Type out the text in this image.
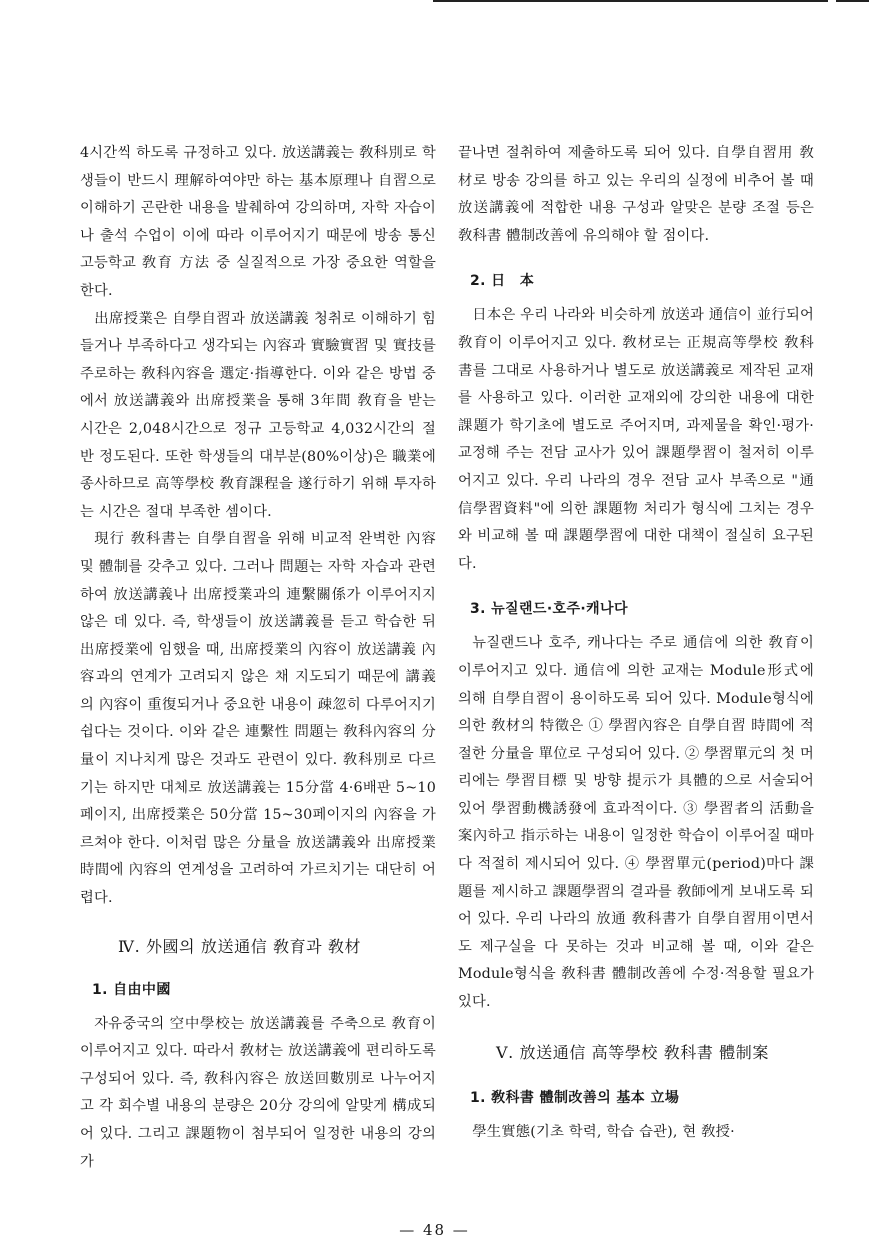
4시간씩 하도록 규정하고 있다. 放送講義는 敎科別로 학생들이 반드시 理解하여야만 하는 基本原理나 自習으로 이해하기 곤란한 내용을 발췌하여 강의하며, 자학 자습이나 출석 수업이 이에 따라 이루어지기 때문에 방송 통신 고등학교 敎育 方法 중 실질적으로 가장 중요한 역할을 한다.

出席授業은 自學自習과 放送講義 청취로 이해하기 힘들거나 부족하다고 생각되는 內容과 實驗實習 및 實技를 주로하는 敎科內容을 選定·指導한다. 이와 같은 방법 중에서 放送講義와 出席授業을 통해 3年間 敎育을 받는 시간은 2,048시간으로 정규 고등학교 4,032시간의 절반 정도된다. 또한 학생들의 대부분(80%이상)은 職業에 종사하므로 高等學校 敎育課程을 遂行하기 위해 투자하는 시간은 절대 부족한 셈이다.

現行 敎科書는 自學自習을 위해 비교적 완벽한 內容 및 體制를 갖추고 있다. 그러나 問題는 자학 자습과 관련하여 放送講義나 出席授業과의 連繫關係가 이루어지지 않은 데 있다. 즉, 학생들이 放送講義를 듣고 학습한 뒤 出席授業에 임했을 때, 出席授業의 內容이 放送講義 內容과의 연계가 고려되지 않은 채 지도되기 때문에 講義의 內容이 重復되거나 중요한 내용이 疎忽히 다루어지기 쉽다는 것이다. 이와 같은 連繫性 問題는 敎科內容의 分量이 지나치게 많은 것과도 관련이 있다. 敎科別로 다르기는 하지만 대체로 放送講義는 15分當 4·6배판 5~10페이지, 出席授業은 50分當 15~30페이지의 內容을 가르쳐야 한다. 이처럼 많은 分量을 放送講義와 出席授業時間에 內容의 연계성을 고려하여 가르치기는 대단히 어렵다.

Ⅳ. 外國의 放送通信 敎育과 敎材
1. 自由中國

자유중국의 空中學校는 放送講義를 주축으로 敎育이 이루어지고 있다. 따라서 敎材는 放送講義에 편리하도록 구성되어 있다. 즉, 敎科內容은 放送回數別로 나누어지고 각 회수별 내용의 분량은 20分 강의에 알맞게 構成되어 있다. 그리고 課題物이 첨부되어 일정한 내용의 강의가

끝나면 절취하여 제출하도록 되어 있다. 自學自習用 敎材로 방송 강의를 하고 있는 우리의 실정에 비추어 볼 때 放送講義에 적합한 내용 구성과 알맞은 분량 조절 등은 敎科書 體制改善에 유의해야 할 점이다.

2. 日　本

日本은 우리 나라와 비슷하게 放送과 通信이 並行되어 敎育이 이루어지고 있다. 敎材로는 正規高等學校 敎科書를 그대로 사용하거나 별도로 放送講義로 제작된 교재를 사용하고 있다. 이러한 교재외에 강의한 내용에 대한 課題가 학기초에 별도로 주어지며, 과제물을 확인·평가·교정해 주는 전담 교사가 있어 課題學習이 철저히 이루어지고 있다. 우리 나라의 경우 전담 교사 부족으로 "通信學習資料"에 의한 課題物 처리가 형식에 그치는 경우와 비교해 볼 때 課題學習에 대한 대책이 절실히 요구된다.

3. 뉴질랜드·호주·캐나다

뉴질랜드나 호주, 캐나다는 주로 通信에 의한 敎育이 이루어지고 있다. 通信에 의한 교재는 Module形式에 의해 自學自習이 용이하도록 되어 있다. Module형식에 의한 敎材의 特徵은 ① 學習內容은 自學自習 時間에 적절한 分量을 單位로 구성되어 있다. ② 學習單元의 첫 머리에는 學習目標 및 방향 提示가 具體的으로 서술되어 있어 學習動機誘發에 효과적이다. ③ 學習者의 活動을 案內하고 指示하는 내용이 일정한 학습이 이루어질 때마다 적절히 제시되어 있다. ④ 學習單元(period)마다 課題를 제시하고 課題學習의 결과를 敎師에게 보내도록 되어 있다. 우리 나라의 放通 敎科書가 自學自習用이면서도 제구실을 다 못하는 것과 비교해 볼 때, 이와 같은 Module형식을 敎科書 體制改善에 수정·적용할 필요가 있다.

Ⅴ. 放送通信 高等學校 敎科書 體制案
1. 敎科書 體制改善의 基本 立場

學生實態(기초 학력, 학습 습관), 현 敎授·

— 48 —
